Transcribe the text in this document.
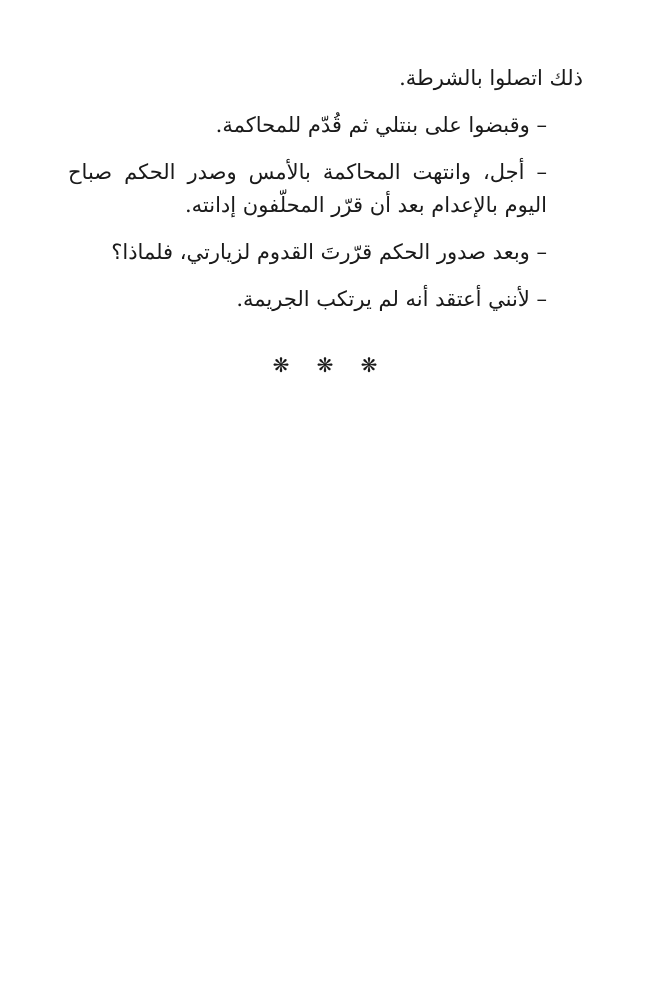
ذلك اتصلوا بالشرطة.

– وقبضوا على بنتلي ثم قُدّم للمحاكمة.

– أجل، وانتهت المحاكمة بالأمس وصدر الحكم صباح اليوم بالإعدام بعد أن قرّر المحلّفون إدانته.

– وبعد صدور الحكم قرّرتَ القدوم لزيارتي، فلماذا؟

– لأنني أعتقد أنه لم يرتكب الجريمة.

❋ ❋ ❋
